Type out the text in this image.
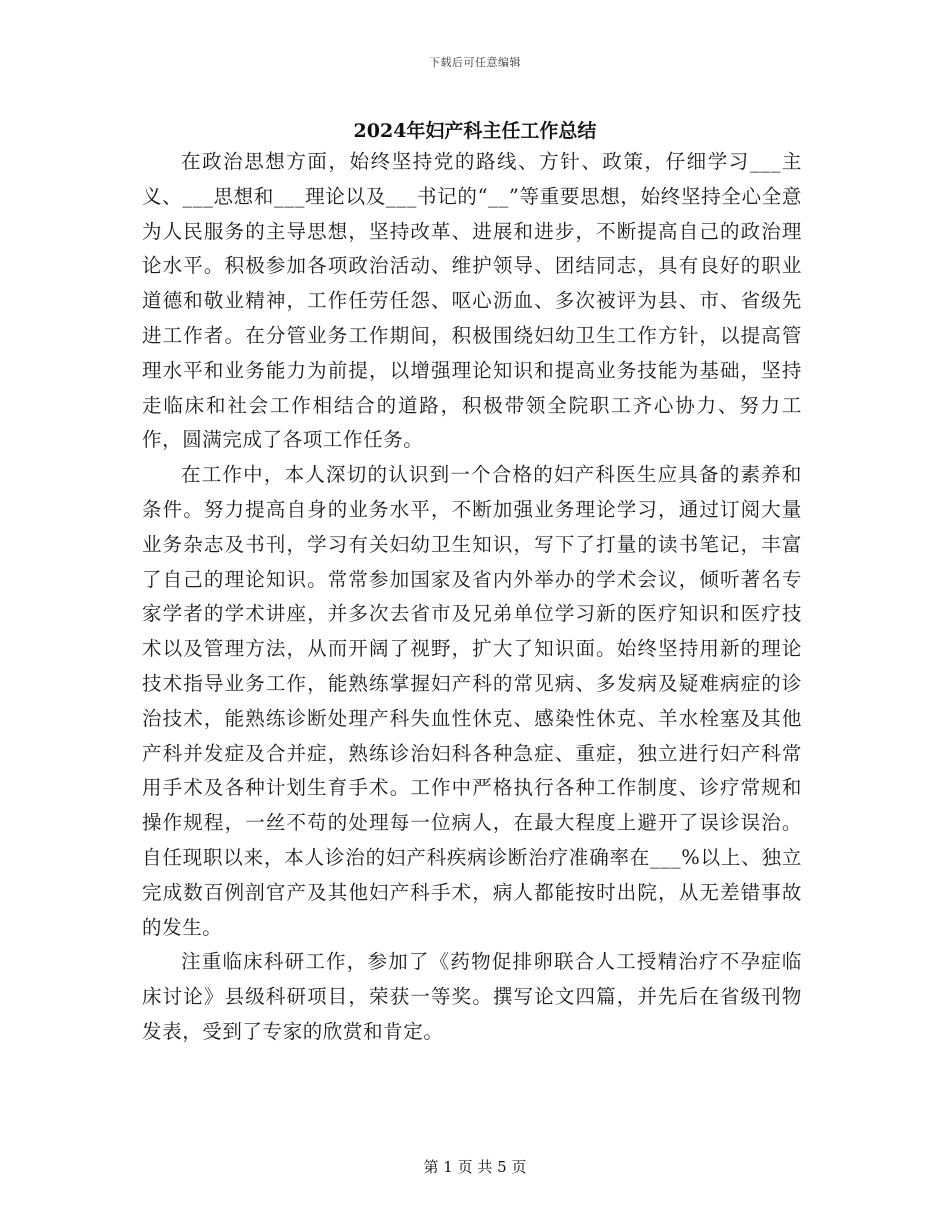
下载后可任意编辑
2024年妇产科主任工作总结

在政治思想方面，始终坚持党的路线、方针、政策，仔细学习___主义、___思想和___理论以及___书记的“__”等重要思想，始终坚持全心全意为人民服务的主导思想，坚持改革、进展和进步，不断提高自己的政治理论水平。积极参加各项政治活动、维护领导、团结同志，具有良好的职业道德和敬业精神，工作任劳任怨、呕心沥血、多次被评为县、市、省级先进工作者。在分管业务工作期间，积极围绕妇幼卫生工作方针，以提高管理水平和业务能力为前提，以增强理论知识和提高业务技能为基础，坚持走临床和社会工作相结合的道路，积极带领全院职工齐心协力、努力工作，圆满完成了各项工作任务。

在工作中，本人深切的认识到一个合格的妇产科医生应具备的素养和条件。努力提高自身的业务水平，不断加强业务理论学习，通过订阅大量业务杂志及书刊，学习有关妇幼卫生知识，写下了打量的读书笔记，丰富了自己的理论知识。常常参加国家及省内外举办的学术会议，倾听著名专家学者的学术讲座，并多次去省市及兄弟单位学习新的医疗知识和医疗技术以及管理方法，从而开阔了视野，扩大了知识面。始终坚持用新的理论技术指导业务工作，能熟练掌握妇产科的常见病、多发病及疑难病症的诊治技术，能熟练诊断处理产科失血性休克、感染性休克、羊水栓塞及其他产科并发症及合并症，熟练诊治妇科各种急症、重症，独立进行妇产科常用手术及各种计划生育手术。工作中严格执行各种工作制度、诊疗常规和操作规程，一丝不苟的处理每一位病人，在最大程度上避开了误诊误治。自任现职以来，本人诊治的妇产科疾病诊断治疗准确率在___%以上、独立完成数百例剖官产及其他妇产科手术，病人都能按时出院，从无差错事故的发生。

注重临床科研工作，参加了《药物促排卵联合人工授精治疗不孕症临床讨论》县级科研项目，荣获一等奖。撰写论文四篇，并先后在省级刊物发表，受到了专家的欣赏和肯定。

第 1 页 共 5 页
